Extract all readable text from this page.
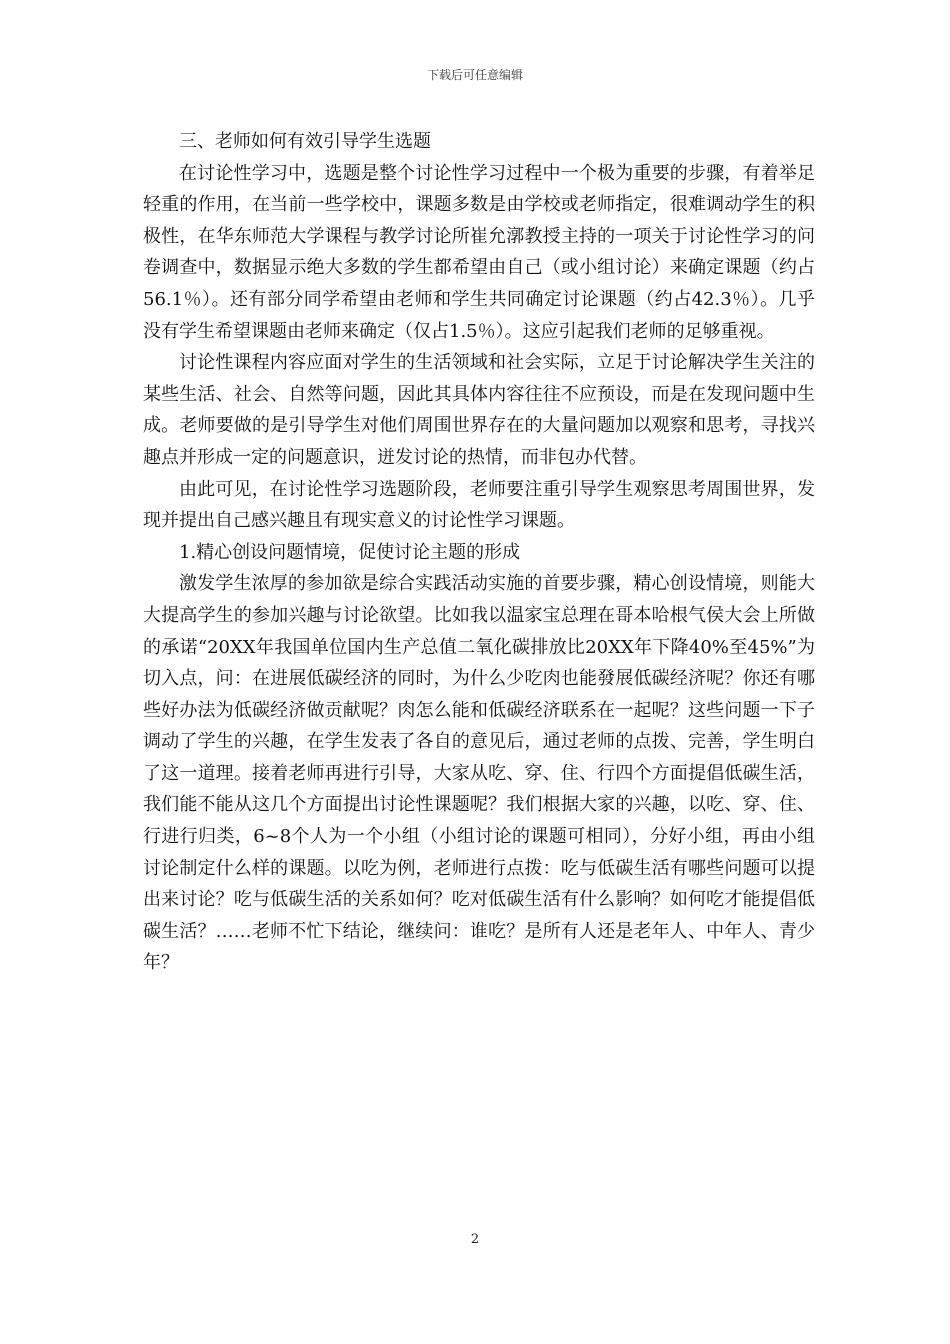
下载后可任意编辑

三、老师如何有效引导学生选题

在讨论性学习中，选题是整个讨论性学习过程中一个极为重要的步骤，有着举足轻重的作用，在当前一些学校中，课题多数是由学校或老师指定，很难调动学生的积极性，在华东师范大学课程与教学讨论所崔允漷教授主持的一项关于讨论性学习的问卷调查中，数据显示绝大多数的学生都希望由自己（或小组讨论）来确定课题（约占56.1％）。还有部分同学希望由老师和学生共同确定讨论课题（约占42.3％）。几乎没有学生希望课题由老师来确定（仅占1.5％）。这应引起我们老师的足够重视。

讨论性课程内容应面对学生的生活领域和社会实际，立足于讨论解决学生关注的某些生活、社会、自然等问题，因此其具体内容往往不应预设，而是在发现问题中生成。老师要做的是引导学生对他们周围世界存在的大量问题加以观察和思考，寻找兴趣点并形成一定的问题意识，迸发讨论的热情，而非包办代替。

由此可见，在讨论性学习选题阶段，老师要注重引导学生观察思考周围世界，发现并提出自己感兴趣且有现实意义的讨论性学习课题。

1.精心创设问题情境，促使讨论主题的形成

激发学生浓厚的参加欲是综合实践活动实施的首要步骤，精心创设情境，则能大大提高学生的参加兴趣与讨论欲望。比如我以温家宝总理在哥本哈根气侯大会上所做的承诺“20XX年我国单位国内生产总值二氧化碳排放比20XX年下降40%至45%”为切入点，问：在进展低碳经济的同时，为什么少吃肉也能發展低碳经济呢？你还有哪些好办法为低碳经济做贡献呢？肉怎么能和低碳经济联系在一起呢？这些问题一下子调动了学生的兴趣，在学生发表了各自的意见后，通过老师的点拨、完善，学生明白了这一道理。接着老师再进行引导，大家从吃、穿、住、行四个方面提倡低碳生活，我们能不能从这几个方面提出讨论性课题呢？我们根据大家的兴趣，以吃、穿、住、行进行归类，6~8个人为一个小组（小组讨论的课题可相同），分好小组，再由小组讨论制定什么样的课题。以吃为例，老师进行点拨：吃与低碳生活有哪些问题可以提出来讨论？吃与低碳生活的关系如何？吃对低碳生活有什么影响？如何吃才能提倡低碳生活？……老师不忙下结论，继续问：谁吃？是所有人还是老年人、中年人、青少年？

2
